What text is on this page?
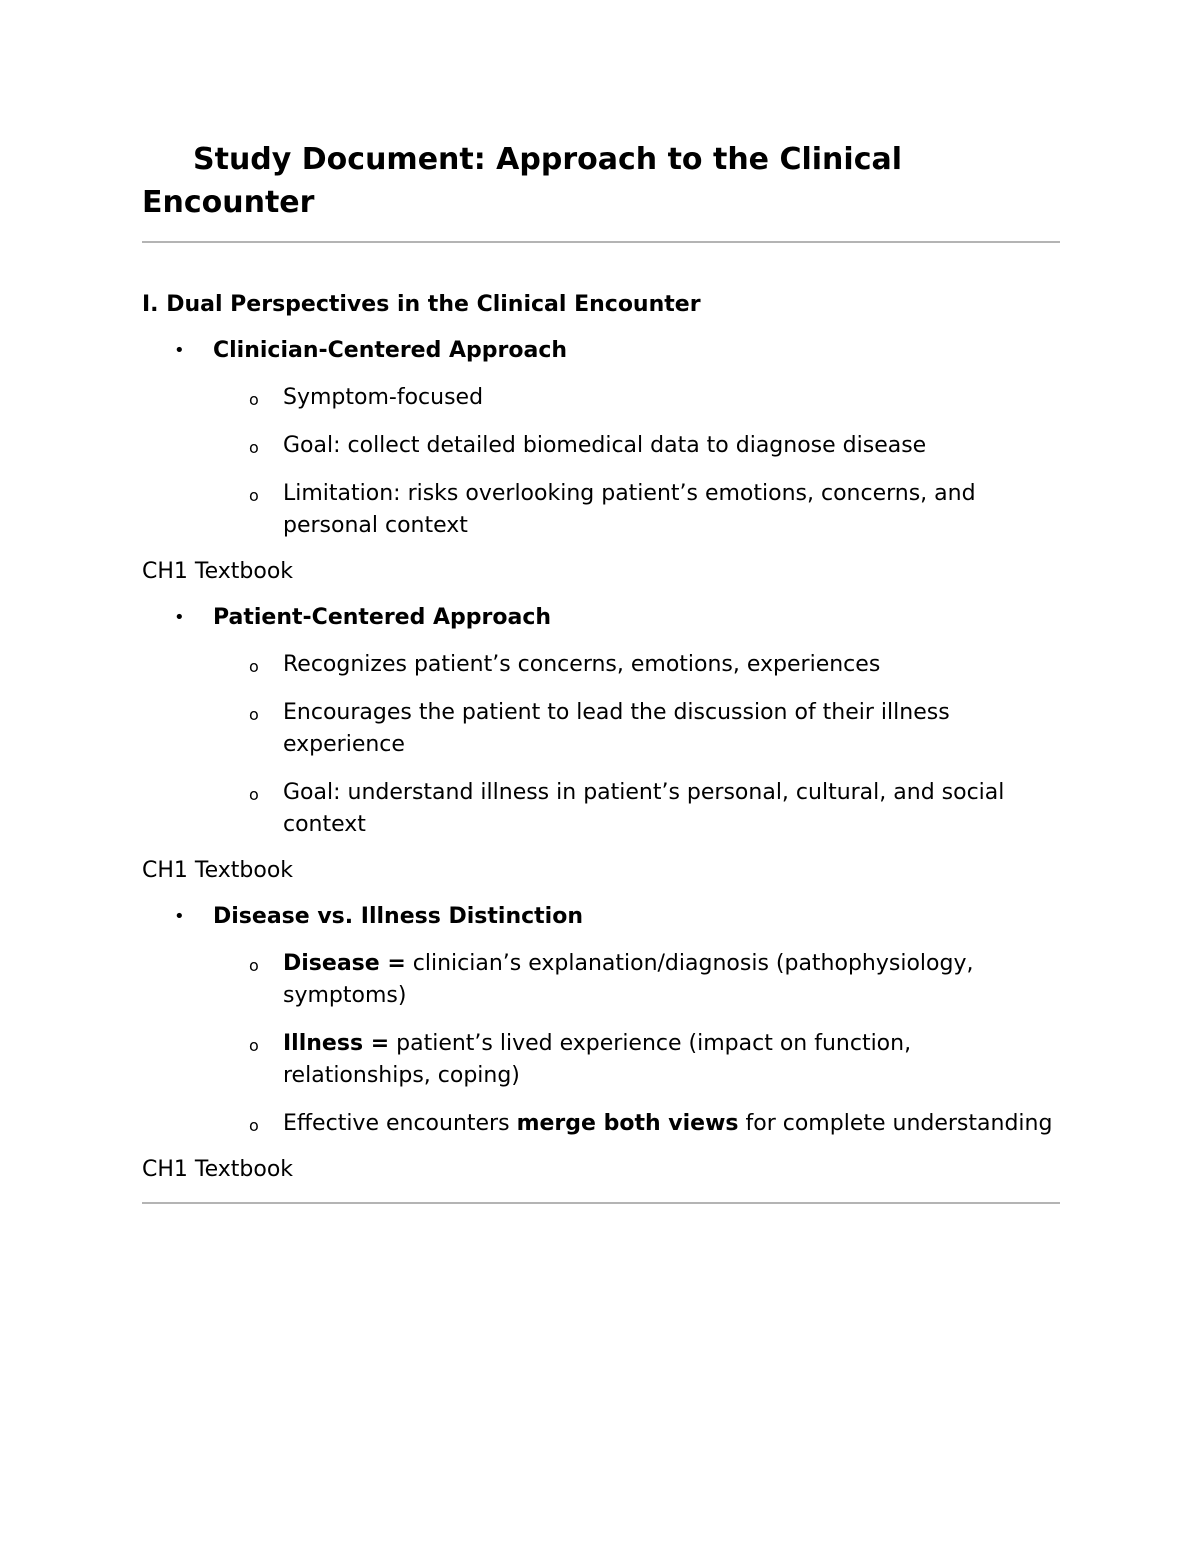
Study Document: Approach to the Clinical Encounter
I. Dual Perspectives in the Clinical Encounter
• Clinician-Centered Approach
o Symptom-focused
o Goal: collect detailed biomedical data to diagnose disease
o Limitation: risks overlooking patient’s emotions, concerns, and personal context
CH1 Textbook
• Patient-Centered Approach
o Recognizes patient’s concerns, emotions, experiences
o Encourages the patient to lead the discussion of their illness experience
o Goal: understand illness in patient’s personal, cultural, and social context
CH1 Textbook
• Disease vs. Illness Distinction
o Disease = clinician’s explanation/diagnosis (pathophysiology, symptoms)
o Illness = patient’s lived experience (impact on function, relationships, coping)
o Effective encounters merge both views for complete understanding
CH1 Textbook
